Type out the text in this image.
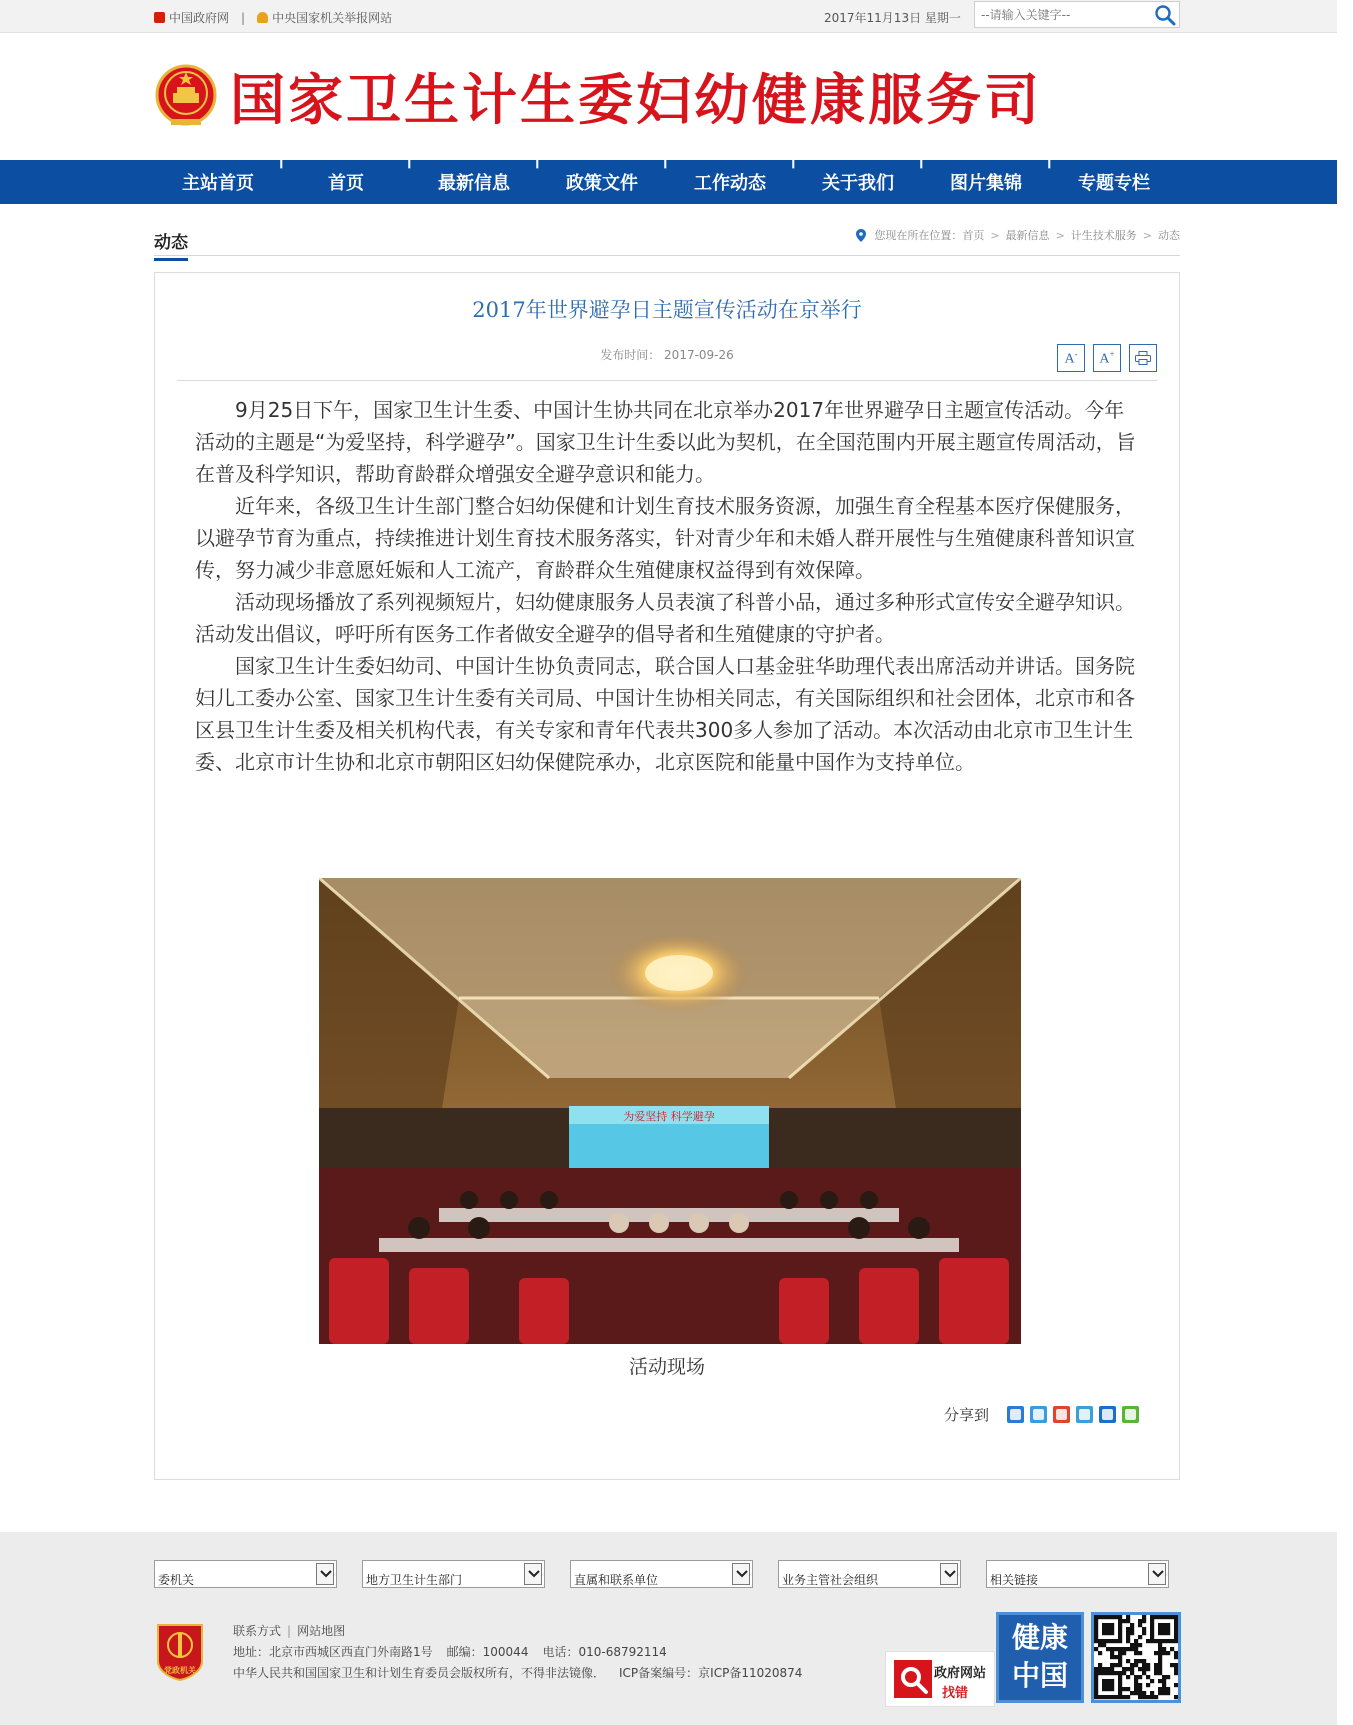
中国政府网 | 中央国家机关举报网站	2017年11月13日 星期一
--请输入关键字--
国家卫生计生委妇幼健康服务司
主站首页
|
首页
|
最新信息
|
政策文件
|
工作动态
|
关于我们
|
图片集锦
|
专题专栏
动态	您现在所在位置： 首页 > 最新信息 > 计生技术服务 > 动态
2017年世界避孕日主题宣传活动在京举行
发布时间： 2017-09-26	A- A+

9月25日下午，国家卫生计生委、中国计生协共同在北京举办2017年世界避孕日主题宣传活动。今年活动的主题是“为爱坚持，科学避孕”。国家卫生计生委以此为契机，在全国范围内开展主题宣传周活动，旨在普及科学知识，帮助育龄群众增强安全避孕意识和能力。

近年来，各级卫生计生部门整合妇幼保健和计划生育技术服务资源，加强生育全程基本医疗保健服务，以避孕节育为重点，持续推进计划生育技术服务落实，针对青少年和未婚人群开展性与生殖健康科普知识宣传，努力减少非意愿妊娠和人工流产，育龄群众生殖健康权益得到有效保障。

活动现场播放了系列视频短片，妇幼健康服务人员表演了科普小品，通过多种形式宣传安全避孕知识。活动发出倡议，呼吁所有医务工作者做安全避孕的倡导者和生殖健康的守护者。

国家卫生计生委妇幼司、中国计生协负责同志，联合国人口基金驻华助理代表出席活动并讲话。国务院妇儿工委办公室、国家卫生计生委有关司局、中国计生协相关同志，有关国际组织和社会团体，北京市和各区县卫生计生委及相关机构代表，有关专家和青年代表共300多人参加了活动。本次活动由北京市卫生计生委、北京市计生协和北京市朝阳区妇幼保健院承办，北京医院和能量中国作为支持单位。

为爱坚持 科学避孕
活动现场
分享到
委机关	地方卫生计生部门	直属和联系单位	业务主管社会组织	相关链接
党政机关
联系方式 | 网站地图
地址：北京市西城区西直门外南路1号 邮编：100044 电话：010-68792114
中华人民共和国国家卫生和计划生育委员会版权所有，不得非法镜像． ICP备案编号：京ICP备11020874	政府网站
找错
健康
中国
